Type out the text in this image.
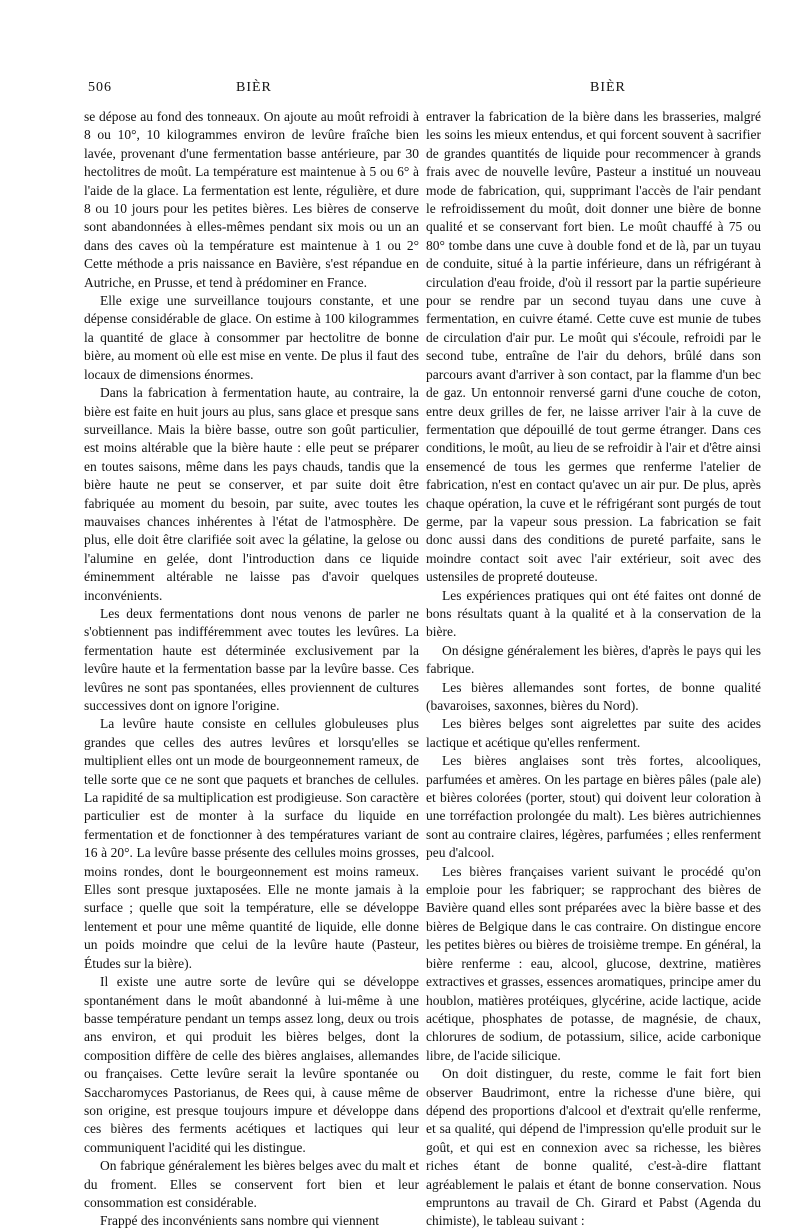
506	BIÈR	BIÈR

se dépose au fond des tonneaux. On ajoute au moût refroidi à 8 ou 10°, 10 kilogrammes environ de levûre fraîche bien lavée, provenant d'une fermentation basse antérieure, par 30 hectolitres de moût. La température est maintenue à 5 ou 6° à l'aide de la glace. La fermentation est lente, régulière, et dure 8 ou 10 jours pour les petites bières. Les bières de conserve sont abandonnées à elles-mêmes pendant six mois ou un an dans des caves où la température est maintenue à 1 ou 2° Cette méthode a pris naissance en Bavière, s'est répandue en Autriche, en Prusse, et tend à prédominer en France.

Elle exige une surveillance toujours constante, et une dépense considérable de glace. On estime à 100 kilogrammes la quantité de glace à consommer par hectolitre de bonne bière, au moment où elle est mise en vente. De plus il faut des locaux de dimensions énormes.

Dans la fabrication à fermentation haute, au contraire, la bière est faite en huit jours au plus, sans glace et presque sans surveillance. Mais la bière basse, outre son goût particulier, est moins altérable que la bière haute : elle peut se préparer en toutes saisons, même dans les pays chauds, tandis que la bière haute ne peut se conserver, et par suite doit être fabriquée au moment du besoin, par suite, avec toutes les mauvaises chances inhérentes à l'état de l'atmosphère. De plus, elle doit être clarifiée soit avec la gélatine, la gelose ou l'alumine en gelée, dont l'introduction dans ce liquide éminemment altérable ne laisse pas d'avoir quelques inconvénients.

Les deux fermentations dont nous venons de parler ne s'obtiennent pas indifféremment avec toutes les levûres. La fermentation haute est déterminée exclusivement par la levûre haute et la fermentation basse par la levûre basse. Ces levûres ne sont pas spontanées, elles proviennent de cultures successives dont on ignore l'origine.

La levûre haute consiste en cellules globuleuses plus grandes que celles des autres levûres et lorsqu'elles se multiplient elles ont un mode de bourgeonnement rameux, de telle sorte que ce ne sont que paquets et branches de cellules. La rapidité de sa multiplication est prodigieuse. Son caractère particulier est de monter à la surface du liquide en fermentation et de fonctionner à des températures variant de 16 à 20°. La levûre basse présente des cellules moins grosses, moins rondes, dont le bourgeonnement est moins rameux. Elles sont presque juxtaposées. Elle ne monte jamais à la surface ; quelle que soit la température, elle se développe lentement et pour une même quantité de liquide, elle donne un poids moindre que celui de la levûre haute (Pasteur, Études sur la bière).

Il existe une autre sorte de levûre qui se développe spontanément dans le moût abandonné à lui-même à une basse température pendant un temps assez long, deux ou trois ans environ, et qui produit les bières belges, dont la composition diffère de celle des bières anglaises, allemandes ou françaises. Cette levûre serait la levûre spontanée ou Saccharomyces Pastorianus, de Rees qui, à cause même de son origine, est presque toujours impure et développe dans ces bières des ferments acétiques et lactiques qui leur communiquent l'acidité qui les distingue.

On fabrique généralement les bières belges avec du malt et du froment. Elles se conservent fort bien et leur consommation est considérable.

Frappé des inconvénients sans nombre qui viennent

entraver la fabrication de la bière dans les brasseries, malgré les soins les mieux entendus, et qui forcent souvent à sacrifier de grandes quantités de liquide pour recommencer à grands frais avec de nouvelle levûre, Pasteur a institué un nouveau mode de fabrication, qui, supprimant l'accès de l'air pendant le refroidissement du moût, doit donner une bière de bonne qualité et se conservant fort bien. Le moût chauffé à 75 ou 80° tombe dans une cuve à double fond et de là, par un tuyau de conduite, situé à la partie inférieure, dans un réfrigérant à circulation d'eau froide, d'où il ressort par la partie supérieure pour se rendre par un second tuyau dans une cuve à fermentation, en cuivre étamé. Cette cuve est munie de tubes de circulation d'air pur. Le moût qui s'écoule, refroidi par le second tube, entraîne de l'air du dehors, brûlé dans son parcours avant d'arriver à son contact, par la flamme d'un bec de gaz. Un entonnoir renversé garni d'une couche de coton, entre deux grilles de fer, ne laisse arriver l'air à la cuve de fermentation que dépouillé de tout germe étranger. Dans ces conditions, le moût, au lieu de se refroidir à l'air et d'être ainsi ensemencé de tous les germes que renferme l'atelier de fabrication, n'est en contact qu'avec un air pur. De plus, après chaque opération, la cuve et le réfrigérant sont purgés de tout germe, par la vapeur sous pression. La fabrication se fait donc aussi dans des conditions de pureté parfaite, sans le moindre contact soit avec l'air extérieur, soit avec des ustensiles de propreté douteuse.

Les expériences pratiques qui ont été faites ont donné de bons résultats quant à la qualité et à la conservation de la bière.

On désigne généralement les bières, d'après le pays qui les fabrique.

Les bières allemandes sont fortes, de bonne qualité (bavaroises, saxonnes, bières du Nord).

Les bières belges sont aigrelettes par suite des acides lactique et acétique qu'elles renferment.

Les bières anglaises sont très fortes, alcooliques, parfumées et amères. On les partage en bières pâles (pale ale) et bières colorées (porter, stout) qui doivent leur coloration à une torréfaction prolongée du malt). Les bières autrichiennes sont au contraire claires, légères, parfumées ; elles renferment peu d'alcool.

Les bières françaises varient suivant le procédé qu'on emploie pour les fabriquer; se rapprochant des bières de Bavière quand elles sont préparées avec la bière basse et des bières de Belgique dans le cas contraire. On distingue encore les petites bières ou bières de troisième trempe. En général, la bière renferme : eau, alcool, glucose, dextrine, matières extractives et grasses, essences aromatiques, principe amer du houblon, matières protéiques, glycérine, acide lactique, acide acétique, phosphates de potasse, de magnésie, de chaux, chlorures de sodium, de potassium, silice, acide carbonique libre, de l'acide silicique.

On doit distinguer, du reste, comme le fait fort bien observer Baudrimont, entre la richesse d'une bière, qui dépend des proportions d'alcool et d'extrait qu'elle renferme, et sa qualité, qui dépend de l'impression qu'elle produit sur le goût, et qui est en connexion avec sa richesse, les bières riches étant de bonne qualité, c'est-à-dire flattant agréablement le palais et étant de bonne conservation. Nous empruntons au travail de Ch. Girard et Pabst (Agenda du chimiste), le tableau suivant :
